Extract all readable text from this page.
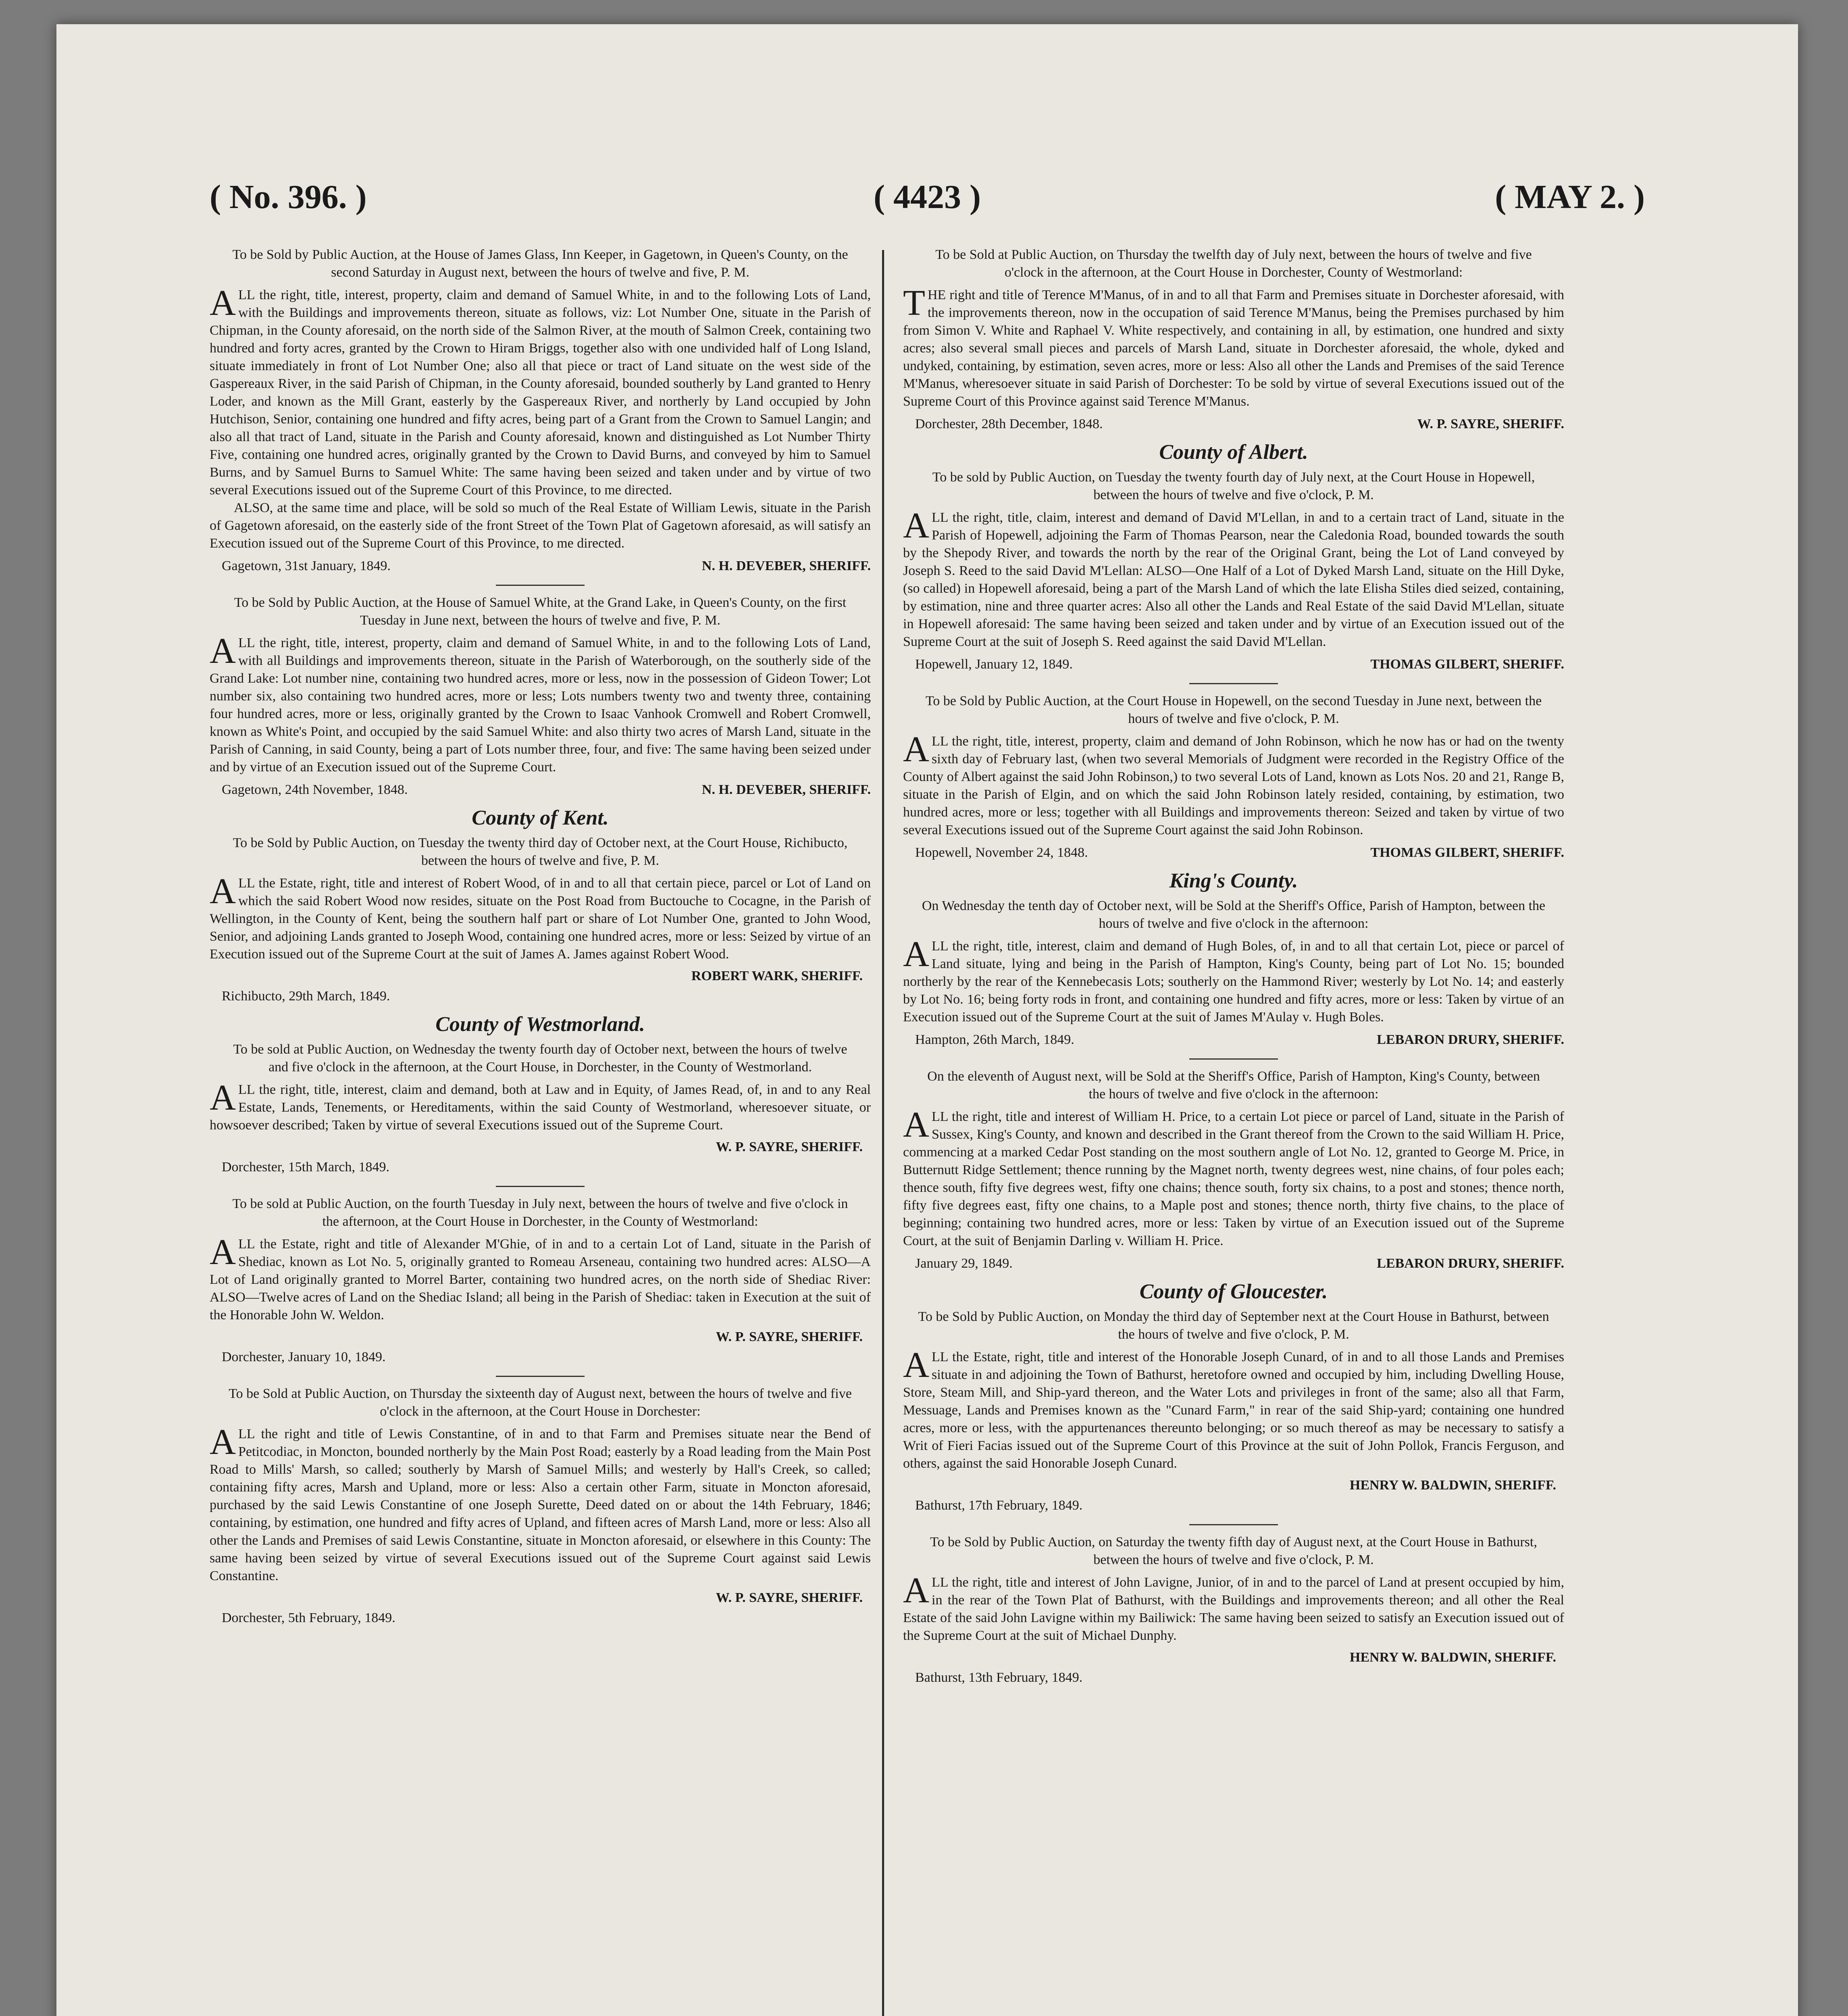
( No. 396. )	( 4423 )	( MAY 2. )
To be Sold by Public Auction, at the House of James Glass, Inn Keeper, in Gagetown, in Queen's County, on the second Saturday in August next, between the hours of twelve and five, P. M.

ALL the right, title, interest, property, claim and demand of Samuel White, in and to the following Lots of Land, with the Buildings and improvements thereon, situate as follows, viz: Lot Number One, situate in the Parish of Chipman, in the County aforesaid, on the north side of the Salmon River, at the mouth of Salmon Creek, containing two hundred and forty acres, granted by the Crown to Hiram Briggs, together also with one undivided half of Long Island, situate immediately in front of Lot Number One; also all that piece or tract of Land situate on the west side of the Gaspereaux River, in the said Parish of Chipman, in the County aforesaid, bounded southerly by Land granted to Henry Loder, and known as the Mill Grant, easterly by the Gaspereaux River, and northerly by Land occupied by John Hutchison, Senior, containing one hundred and fifty acres, being part of a Grant from the Crown to Samuel Langin; and also all that tract of Land, situate in the Parish and County aforesaid, known and distinguished as Lot Number Thirty Five, containing one hundred acres, originally granted by the Crown to David Burns, and conveyed by him to Samuel Burns, and by Samuel Burns to Samuel White: The same having been seized and taken under and by virtue of two several Executions issued out of the Supreme Court of this Province, to me directed.

ALSO, at the same time and place, will be sold so much of the Real Estate of William Lewis, situate in the Parish of Gagetown aforesaid, on the easterly side of the front Street of the Town Plat of Gagetown aforesaid, as will satisfy an Execution issued out of the Supreme Court of this Province, to me directed.

Gagetown, 31st January, 1849.	N. H. DEVEBER, SHERIFF.
To be Sold by Public Auction, at the House of Samuel White, at the Grand Lake, in Queen's County, on the first Tuesday in June next, between the hours of twelve and five, P. M.

ALL the right, title, interest, property, claim and demand of Samuel White, in and to the following Lots of Land, with all Buildings and improvements thereon, situate in the Parish of Waterborough, on the southerly side of the Grand Lake: Lot number nine, containing two hundred acres, more or less, now in the possession of Gideon Tower; Lot number six, also containing two hundred acres, more or less; Lots numbers twenty two and twenty three, containing four hundred acres, more or less, originally granted by the Crown to Isaac Vanhook Cromwell and Robert Cromwell, known as White's Point, and occupied by the said Samuel White: and also thirty two acres of Marsh Land, situate in the Parish of Canning, in said County, being a part of Lots number three, four, and five: The same having been seized under and by virtue of an Execution issued out of the Supreme Court.

Gagetown, 24th November, 1848.	N. H. DEVEBER, SHERIFF.
County of Kent.
To be Sold by Public Auction, on Tuesday the twenty third day of October next, at the Court House, Richibucto, between the hours of twelve and five, P. M.

ALL the Estate, right, title and interest of Robert Wood, of in and to all that certain piece, parcel or Lot of Land on which the said Robert Wood now resides, situate on the Post Road from Buctouche to Cocagne, in the Parish of Wellington, in the County of Kent, being the southern half part or share of Lot Number One, granted to John Wood, Senior, and adjoining Lands granted to Joseph Wood, containing one hundred acres, more or less: Seized by virtue of an Execution issued out of the Supreme Court at the suit of James A. James against Robert Wood.

ROBERT WARK, SHERIFF.
Richibucto, 29th March, 1849.
County of Westmorland.
To be sold at Public Auction, on Wednesday the twenty fourth day of October next, between the hours of twelve and five o'clock in the afternoon, at the Court House, in Dorchester, in the County of Westmorland.

ALL the right, title, interest, claim and demand, both at Law and in Equity, of James Read, of, in and to any Real Estate, Lands, Tenements, or Hereditaments, within the said County of Westmorland, wheresoever situate, or howsoever described; Taken by virtue of several Executions issued out of the Supreme Court.

W. P. SAYRE, SHERIFF.
Dorchester, 15th March, 1849.
To be sold at Public Auction, on the fourth Tuesday in July next, between the hours of twelve and five o'clock in the afternoon, at the Court House in Dorchester, in the County of Westmorland:

ALL the Estate, right and title of Alexander M'Ghie, of in and to a certain Lot of Land, situate in the Parish of Shediac, known as Lot No. 5, originally granted to Romeau Arseneau, containing two hundred acres: ALSO—A Lot of Land originally granted to Morrel Barter, containing two hundred acres, on the north side of Shediac River: ALSO—Twelve acres of Land on the Shediac Island; all being in the Parish of Shediac: taken in Execution at the suit of the Honorable John W. Weldon.

W. P. SAYRE, SHERIFF.
Dorchester, January 10, 1849.
To be Sold at Public Auction, on Thursday the sixteenth day of August next, between the hours of twelve and five o'clock in the afternoon, at the Court House in Dorchester:

ALL the right and title of Lewis Constantine, of in and to that Farm and Premises situate near the Bend of Petitcodiac, in Moncton, bounded northerly by the Main Post Road; easterly by a Road leading from the Main Post Road to Mills' Marsh, so called; southerly by Marsh of Samuel Mills; and westerly by Hall's Creek, so called; containing fifty acres, Marsh and Upland, more or less: Also a certain other Farm, situate in Moncton aforesaid, purchased by the said Lewis Constantine of one Joseph Surette, Deed dated on or about the 14th February, 1846; containing, by estimation, one hundred and fifty acres of Upland, and fifteen acres of Marsh Land, more or less: Also all other the Lands and Premises of said Lewis Constantine, situate in Moncton aforesaid, or elsewhere in this County: The same having been seized by virtue of several Executions issued out of the Supreme Court against said Lewis Constantine.

W. P. SAYRE, SHERIFF.
Dorchester, 5th February, 1849.
To be Sold at Public Auction, on Thursday the twelfth day of July next, between the hours of twelve and five o'clock in the afternoon, at the Court House in Dorchester, County of Westmorland:

THE right and title of Terence M'Manus, of in and to all that Farm and Premises situate in Dorchester aforesaid, with the improvements thereon, now in the occupation of said Terence M'Manus, being the Premises purchased by him from Simon V. White and Raphael V. White respectively, and containing in all, by estimation, one hundred and sixty acres; also several small pieces and parcels of Marsh Land, situate in Dorchester aforesaid, the whole, dyked and undyked, containing, by estimation, seven acres, more or less: Also all other the Lands and Premises of the said Terence M'Manus, wheresoever situate in said Parish of Dorchester: To be sold by virtue of several Executions issued out of the Supreme Court of this Province against said Terence M'Manus.

Dorchester, 28th December, 1848.	W. P. SAYRE, SHERIFF.
County of Albert.
To be sold by Public Auction, on Tuesday the twenty fourth day of July next, at the Court House in Hopewell, between the hours of twelve and five o'clock, P. M.

ALL the right, title, claim, interest and demand of David M'Lellan, in and to a certain tract of Land, situate in the Parish of Hopewell, adjoining the Farm of Thomas Pearson, near the Caledonia Road, bounded towards the south by the Shepody River, and towards the north by the rear of the Original Grant, being the Lot of Land conveyed by Joseph S. Reed to the said David M'Lellan: ALSO—One Half of a Lot of Dyked Marsh Land, situate on the Hill Dyke, (so called) in Hopewell aforesaid, being a part of the Marsh Land of which the late Elisha Stiles died seized, containing, by estimation, nine and three quarter acres: Also all other the Lands and Real Estate of the said David M'Lellan, situate in Hopewell aforesaid: The same having been seized and taken under and by virtue of an Execution issued out of the Supreme Court at the suit of Joseph S. Reed against the said David M'Lellan.

Hopewell, January 12, 1849.	THOMAS GILBERT, SHERIFF.
To be Sold by Public Auction, at the Court House in Hopewell, on the second Tuesday in June next, between the hours of twelve and five o'clock, P. M.

ALL the right, title, interest, property, claim and demand of John Robinson, which he now has or had on the twenty sixth day of February last, (when two several Memorials of Judgment were recorded in the Registry Office of the County of Albert against the said John Robinson,) to two several Lots of Land, known as Lots Nos. 20 and 21, Range B, situate in the Parish of Elgin, and on which the said John Robinson lately resided, containing, by estimation, two hundred acres, more or less; together with all Buildings and improvements thereon: Seized and taken by virtue of two several Executions issued out of the Supreme Court against the said John Robinson.

Hopewell, November 24, 1848.	THOMAS GILBERT, SHERIFF.
King's County.
On Wednesday the tenth day of October next, will be Sold at the Sheriff's Office, Parish of Hampton, between the hours of twelve and five o'clock in the afternoon:

ALL the right, title, interest, claim and demand of Hugh Boles, of, in and to all that certain Lot, piece or parcel of Land situate, lying and being in the Parish of Hampton, King's County, being part of Lot No. 15; bounded northerly by the rear of the Kennebecasis Lots; southerly on the Hammond River; westerly by Lot No. 14; and easterly by Lot No. 16; being forty rods in front, and containing one hundred and fifty acres, more or less: Taken by virtue of an Execution issued out of the Supreme Court at the suit of James M'Aulay v. Hugh Boles.

Hampton, 26th March, 1849.	LEBARON DRURY, SHERIFF.
On the eleventh of August next, will be Sold at the Sheriff's Office, Parish of Hampton, King's County, between the hours of twelve and five o'clock in the afternoon:

ALL the right, title and interest of William H. Price, to a certain Lot piece or parcel of Land, situate in the Parish of Sussex, King's County, and known and described in the Grant thereof from the Crown to the said William H. Price, commencing at a marked Cedar Post standing on the most southern angle of Lot No. 12, granted to George M. Price, in Butternutt Ridge Settlement; thence running by the Magnet north, twenty degrees west, nine chains, of four poles each; thence south, fifty five degrees west, fifty one chains; thence south, forty six chains, to a post and stones; thence north, fifty five degrees east, fifty one chains, to a Maple post and stones; thence north, thirty five chains, to the place of beginning; containing two hundred acres, more or less: Taken by virtue of an Execution issued out of the Supreme Court, at the suit of Benjamin Darling v. William H. Price.

January 29, 1849.	LEBARON DRURY, SHERIFF.
County of Gloucester.
To be Sold by Public Auction, on Monday the third day of September next at the Court House in Bathurst, between the hours of twelve and five o'clock, P. M.

ALL the Estate, right, title and interest of the Honorable Joseph Cunard, of in and to all those Lands and Premises situate in and adjoining the Town of Bathurst, heretofore owned and occupied by him, including Dwelling House, Store, Steam Mill, and Ship-yard thereon, and the Water Lots and privileges in front of the same; also all that Farm, Messuage, Lands and Premises known as the "Cunard Farm," in rear of the said Ship-yard; containing one hundred acres, more or less, with the appurtenances thereunto belonging; or so much thereof as may be necessary to satisfy a Writ of Fieri Facias issued out of the Supreme Court of this Province at the suit of John Pollok, Francis Ferguson, and others, against the said Honorable Joseph Cunard.

HENRY W. BALDWIN, SHERIFF.
Bathurst, 17th February, 1849.
To be Sold by Public Auction, on Saturday the twenty fifth day of August next, at the Court House in Bathurst, between the hours of twelve and five o'clock, P. M.

ALL the right, title and interest of John Lavigne, Junior, of in and to the parcel of Land at present occupied by him, in the rear of the Town Plat of Bathurst, with the Buildings and improvements thereon; and all other the Real Estate of the said John Lavigne within my Bailiwick: The same having been seized to satisfy an Execution issued out of the Supreme Court at the suit of Michael Dunphy.

HENRY W. BALDWIN, SHERIFF.
Bathurst, 13th February, 1849.
